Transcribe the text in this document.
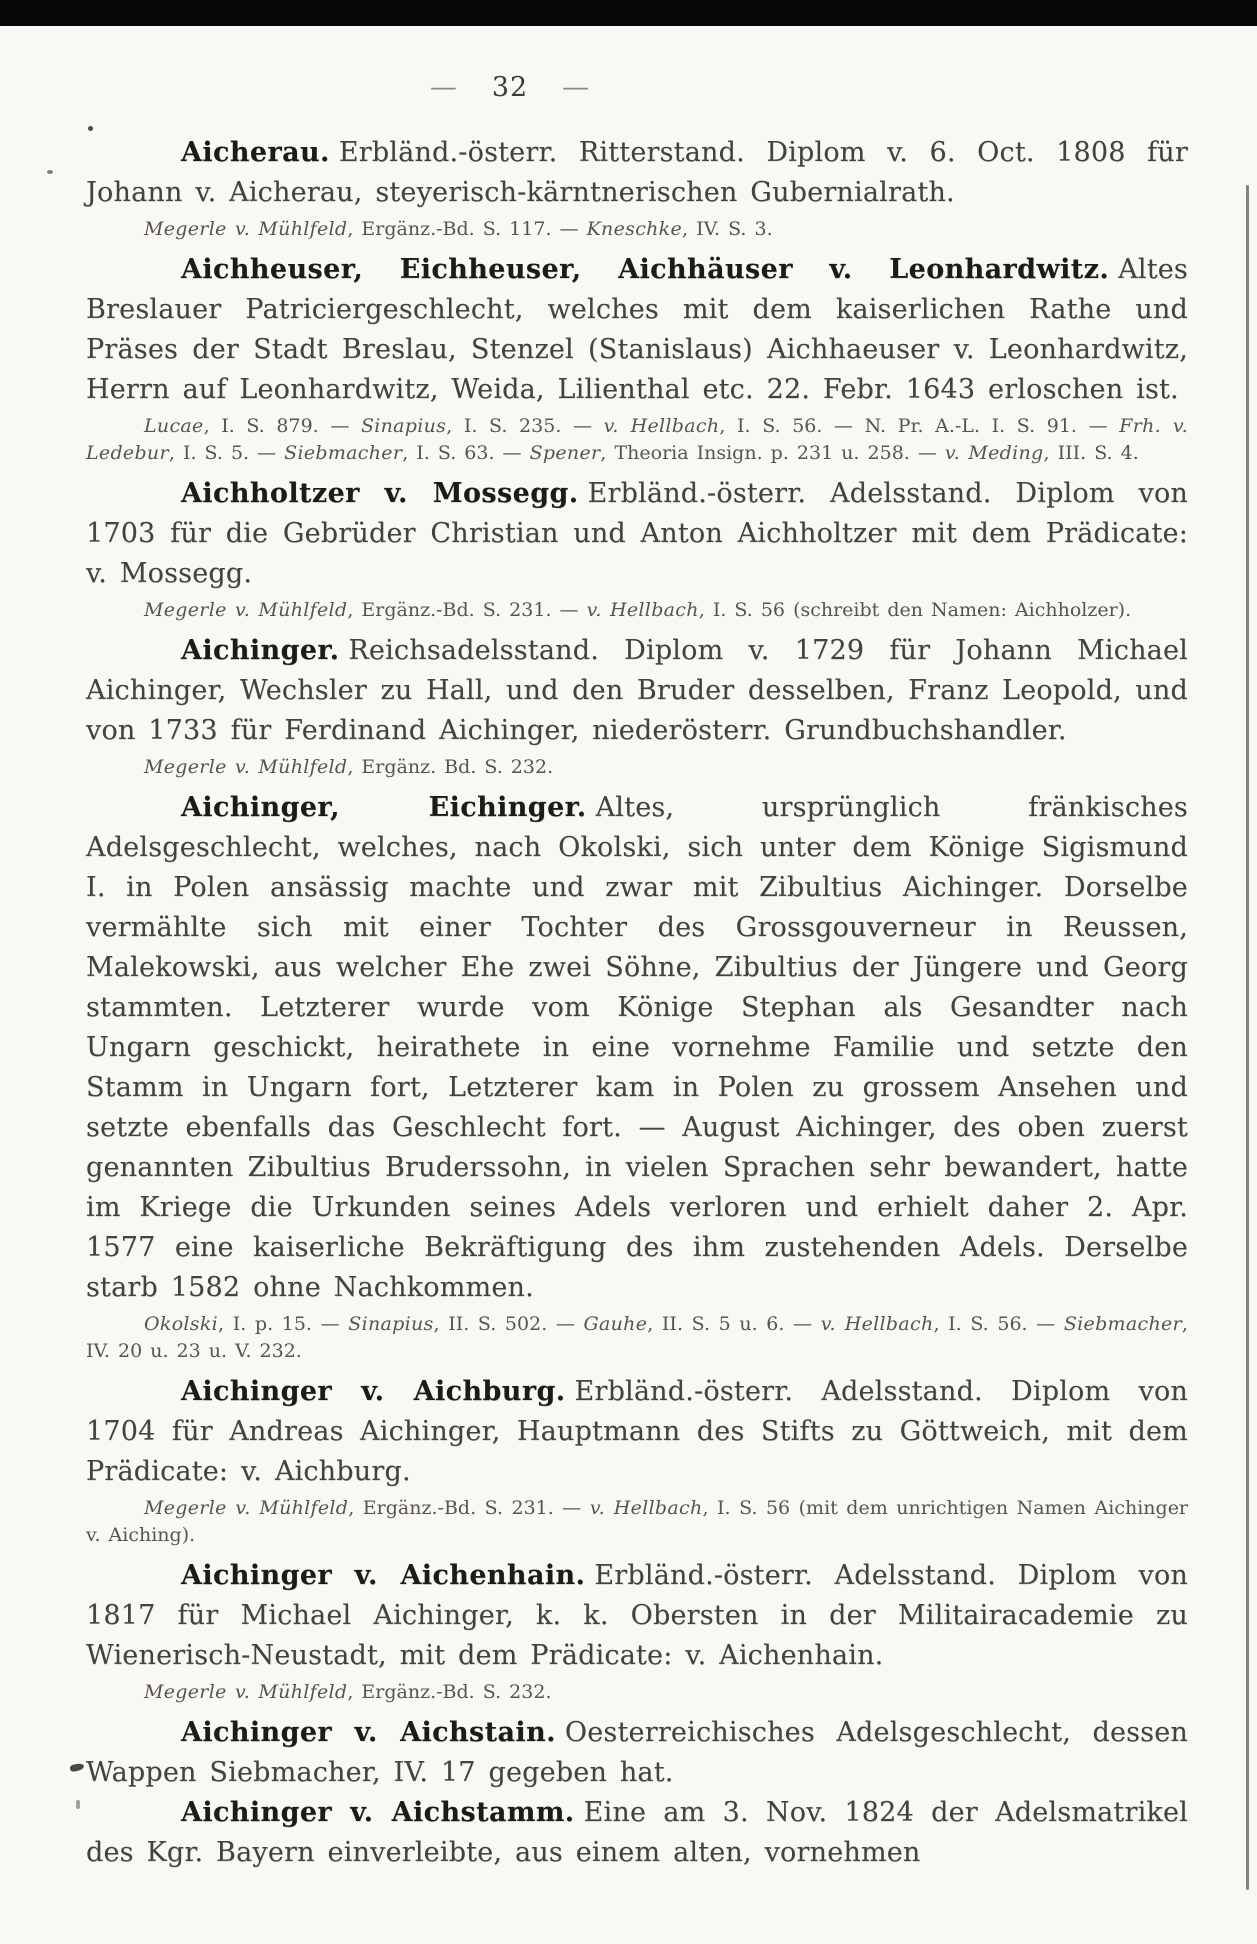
— 32 —

Aicherau. Erbländ.-österr. Ritterstand. Diplom v. 6. Oct. 1808 für Johann v. Aicherau, steyerisch-kärntnerischen Gubernialrath.

Megerle v. Mühlfeld, Ergänz.-Bd. S. 117. — Kneschke, IV. S. 3.

Aichheuser, Eichheuser, Aichhäuser v. Leonhardwitz. Altes Breslauer Patriciergeschlecht, welches mit dem kaiserlichen Rathe und Präses der Stadt Breslau, Stenzel (Stanislaus) Aichhaeuser v. Leonhardwitz, Herrn auf Leonhardwitz, Weida, Lilienthal etc. 22. Febr. 1643 erloschen ist.

Lucae, I. S. 879. — Sinapius, I. S. 235. — v. Hellbach, I. S. 56. — N. Pr. A.-L. I. S. 91. — Frh. v. Ledebur, I. S. 5. — Siebmacher, I. S. 63. — Spener, Theoria Insign. p. 231 u. 258. — v. Meding, III. S. 4.

Aichholtzer v. Mossegg. Erbländ.-österr. Adelsstand. Diplom von 1703 für die Gebrüder Christian und Anton Aichholtzer mit dem Prädicate: v. Mossegg.

Megerle v. Mühlfeld, Ergänz.-Bd. S. 231. — v. Hellbach, I. S. 56 (schreibt den Namen: Aichholzer).

Aichinger. Reichsadelsstand. Diplom v. 1729 für Johann Michael Aichinger, Wechsler zu Hall, und den Bruder desselben, Franz Leopold, und von 1733 für Ferdinand Aichinger, niederösterr. Grundbuchshandler.

Megerle v. Mühlfeld, Ergänz. Bd. S. 232.

Aichinger, Eichinger. Altes, ursprünglich fränkisches Adelsgeschlecht, welches, nach Okolski, sich unter dem Könige Sigismund I. in Polen ansässig machte und zwar mit Zibultius Aichinger. Dorselbe vermählte sich mit einer Tochter des Grossgouverneur in Reussen, Malekowski, aus welcher Ehe zwei Söhne, Zibultius der Jüngere und Georg stammten. Letzterer wurde vom Könige Stephan als Gesandter nach Ungarn geschickt, heirathete in eine vornehme Familie und setzte den Stamm in Ungarn fort, Letzterer kam in Polen zu grossem Ansehen und setzte ebenfalls das Geschlecht fort. — August Aichinger, des oben zuerst genannten Zibultius Bruderssohn, in vielen Sprachen sehr bewandert, hatte im Kriege die Urkunden seines Adels verloren und erhielt daher 2. Apr. 1577 eine kaiserliche Bekräftigung des ihm zustehenden Adels. Derselbe starb 1582 ohne Nachkommen.

Okolski, I. p. 15. — Sinapius, II. S. 502. — Gauhe, II. S. 5 u. 6. — v. Hellbach, I. S. 56. — Siebmacher, IV. 20 u. 23 u. V. 232.

Aichinger v. Aichburg. Erbländ.-österr. Adelsstand. Diplom von 1704 für Andreas Aichinger, Hauptmann des Stifts zu Göttweich, mit dem Prädicate: v. Aichburg.

Megerle v. Mühlfeld, Ergänz.-Bd. S. 231. — v. Hellbach, I. S. 56 (mit dem unrichtigen Namen Aichinger v. Aiching).

Aichinger v. Aichenhain. Erbländ.-österr. Adelsstand. Diplom von 1817 für Michael Aichinger, k. k. Obersten in der Militairacademie zu Wienerisch-Neustadt, mit dem Prädicate: v. Aichenhain.

Megerle v. Mühlfeld, Ergänz.-Bd. S. 232.

Aichinger v. Aichstain. Oesterreichisches Adelsgeschlecht, dessen Wappen Siebmacher, IV. 17 gegeben hat.

Aichinger v. Aichstamm. Eine am 3. Nov. 1824 der Adelsmatrikel des Kgr. Bayern einverleibte, aus einem alten, vornehmen
